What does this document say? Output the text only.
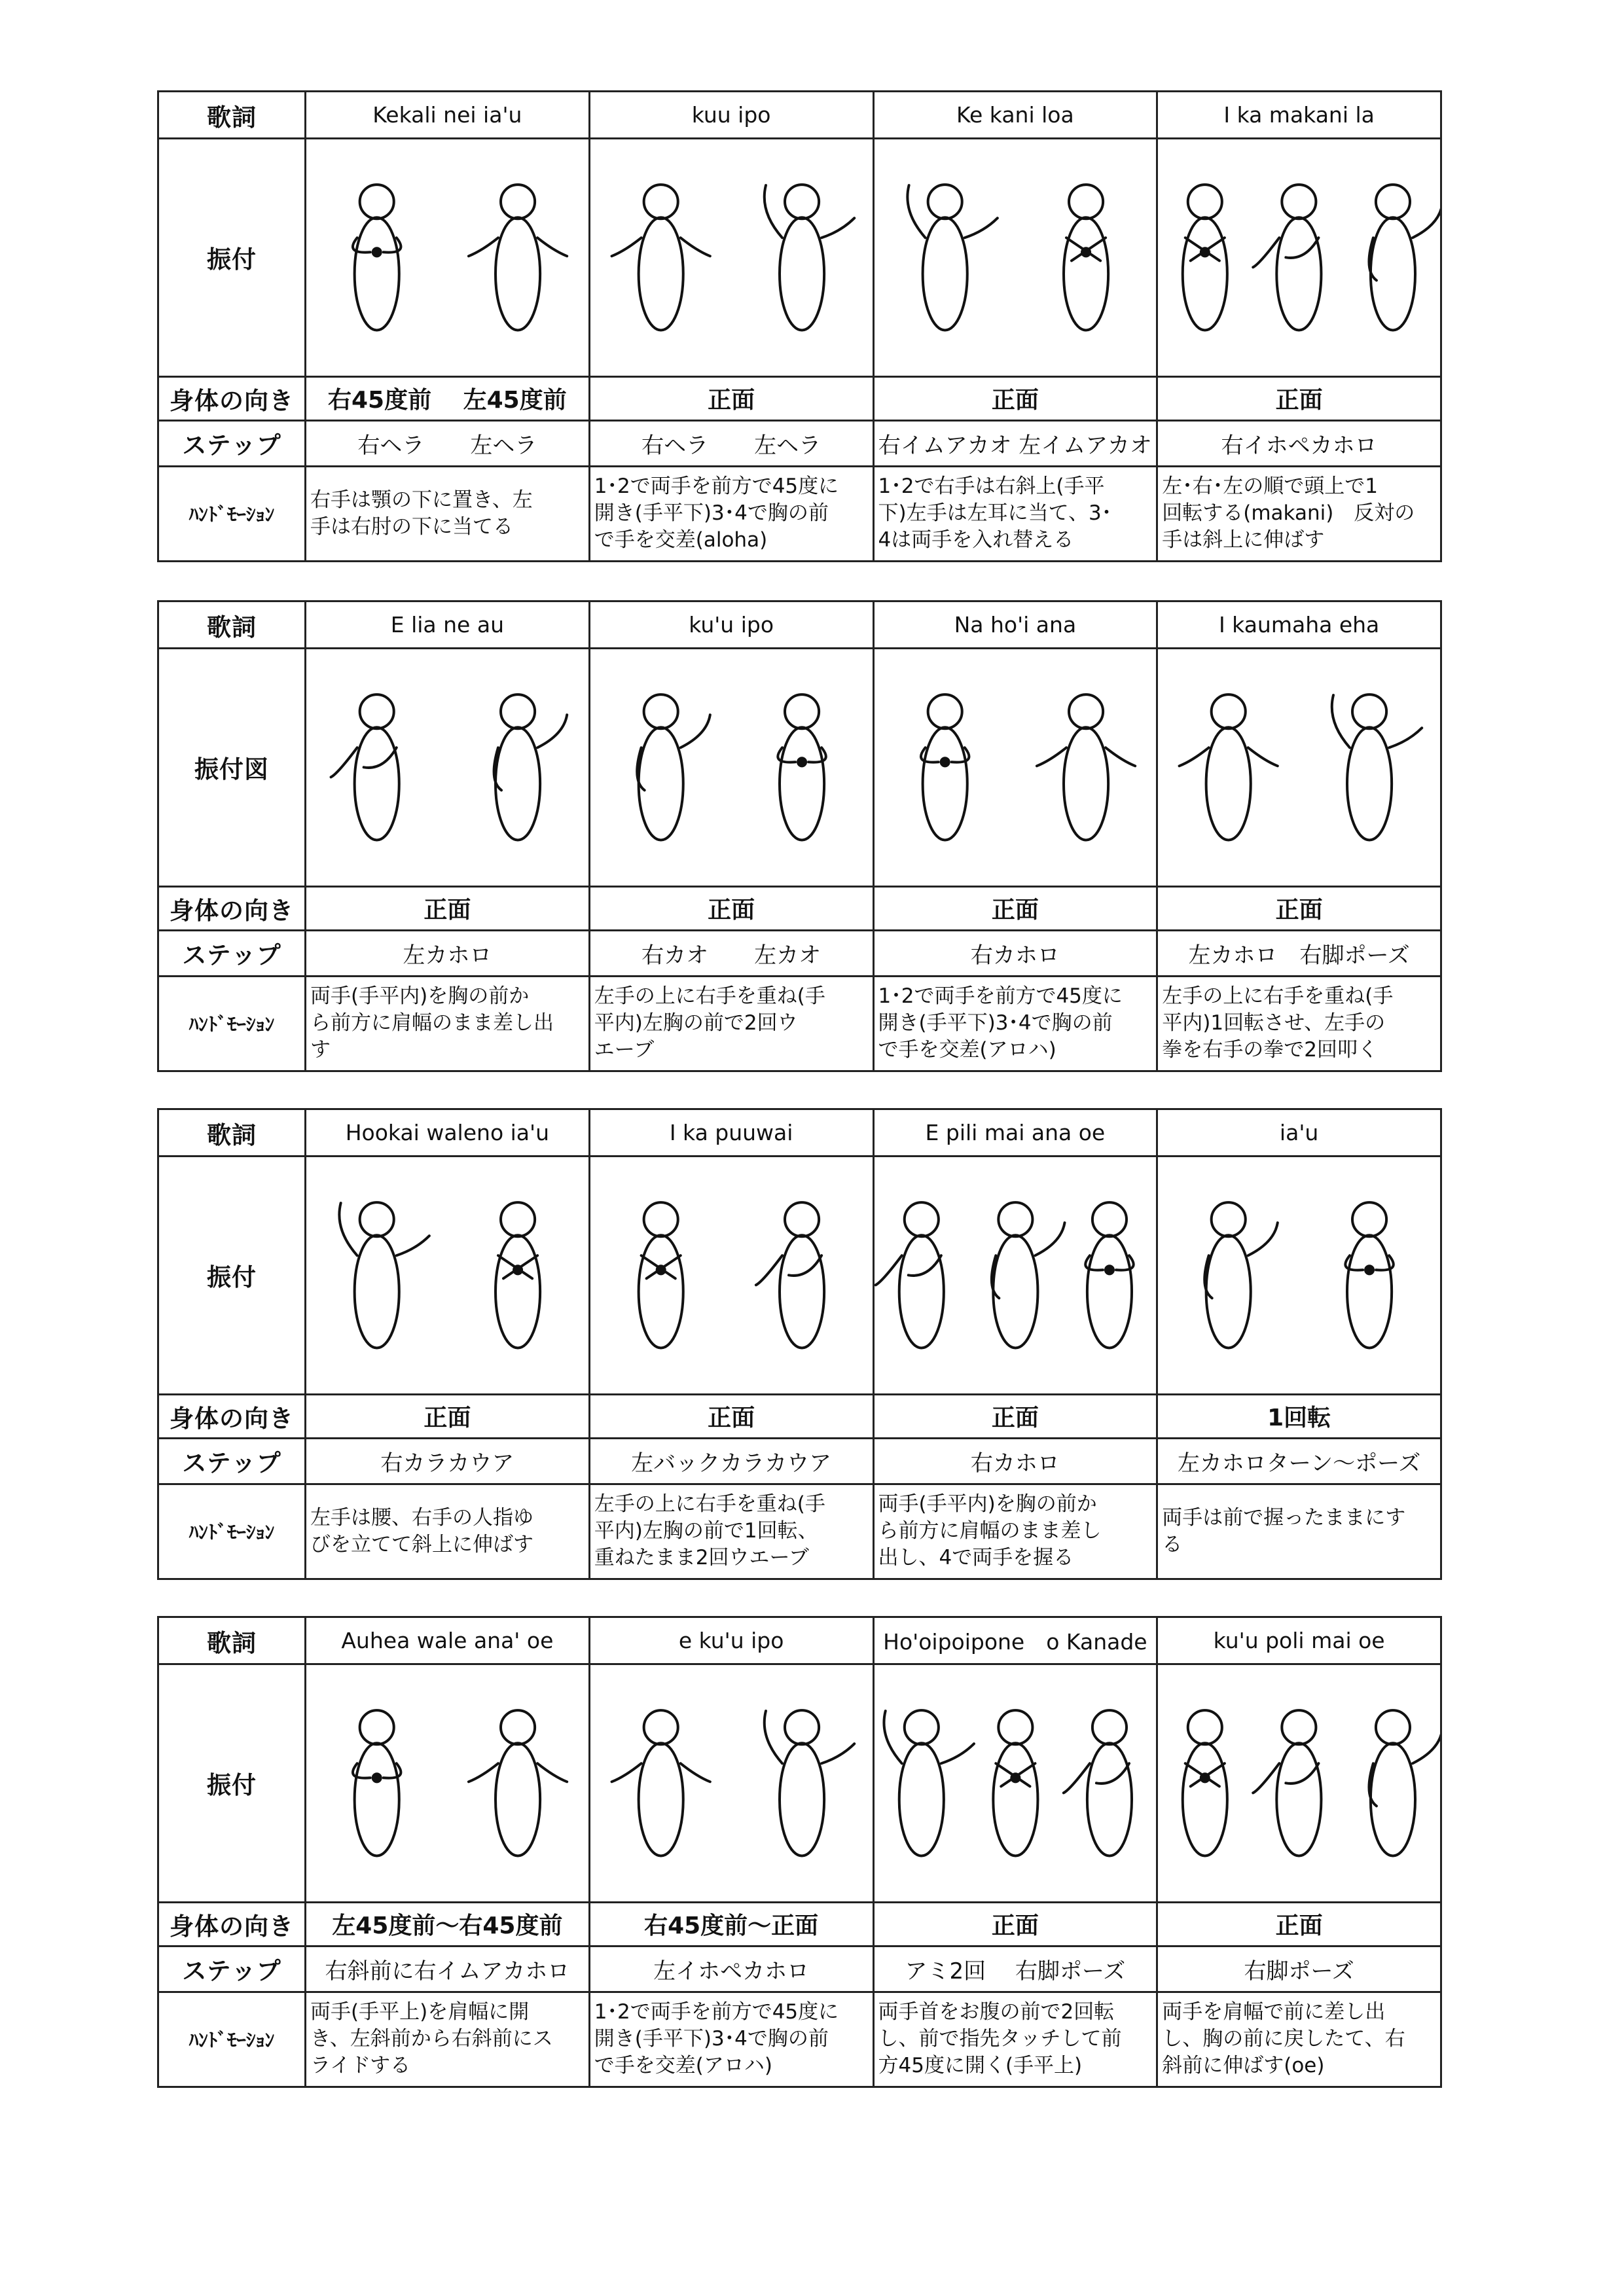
歌詞	Kekali nei ia'u	kuu ipo	Ke kani loa	I ka makani la
振付	

身体の向き	右45度前　 左45度前	正面	正面	正面
ステップ	右ヘラ 左ヘラ	右ヘラ 左ヘラ	右イムアカオ 左イムアカオ	右イホペカホロ
ﾊﾝﾄﾞﾓｰｼｮﾝ	右手は顎の下に置き、左
手は右肘の下に当てる	1･2で両手を前方で45度に
開き(手平下)3･4で胸の前
で手を交差(aloha)	1･2で右手は右斜上(手平
下)左手は左耳に当て、3･
4は両手を入れ替える	左･右･左の順で頭上で1
回転する(makani)　反対の
手は斜上に伸ばす
歌詞	E lia ne au	ku'u ipo	Na ho'i ana	I kaumaha eha
振付図	

身体の向き	正面	正面	正面	正面
ステップ	左カホロ	右カオ 左カオ	右カホロ	左カホロ　右脚ポーズ
ﾊﾝﾄﾞﾓｰｼｮﾝ	両手(手平内)を胸の前か
ら前方に肩幅のまま差し出
す	左手の上に右手を重ね(手
平内)左胸の前で2回ウ
エーブ	1･2で両手を前方で45度に
開き(手平下)3･4で胸の前
で手を交差(アロハ)	左手の上に右手を重ね(手
平内)1回転させ、左手の
拳を右手の拳で2回叩く
歌詞	Hookai waleno ia'u	I ka puuwai	E pili mai ana oe	ia'u
振付	

身体の向き	正面	正面	正面	1回転
ステップ	右カラカウア	左バックカラカウア	右カホロ	左カホロターン～ポーズ
ﾊﾝﾄﾞﾓｰｼｮﾝ	左手は腰、右手の人指ゆ
びを立てて斜上に伸ばす	左手の上に右手を重ね(手
平内)左胸の前で1回転、
重ねたまま2回ウエーブ	両手(手平内)を胸の前か
ら前方に肩幅のまま差し
出し、4で両手を握る	両手は前で握ったままにす
る
歌詞	Auhea wale ana' oe	e ku'u ipo	Ho'oipoipone　o Kanade	ku'u poli mai oe
振付	

身体の向き	左45度前～右45度前	右45度前～正面	正面	正面
ステップ	右斜前に右イムアカホロ	左イホペカホロ	アミ2回　 右脚ポーズ	右脚ポーズ
ﾊﾝﾄﾞﾓｰｼｮﾝ	両手(手平上)を肩幅に開
き、左斜前から右斜前にス
ライドする	1･2で両手を前方で45度に
開き(手平下)3･4で胸の前
で手を交差(アロハ)	両手首をお腹の前で2回転
し、前で指先タッチして前
方45度に開く(手平上)	両手を肩幅で前に差し出
し、胸の前に戻したて、右
斜前に伸ばす(oe)
